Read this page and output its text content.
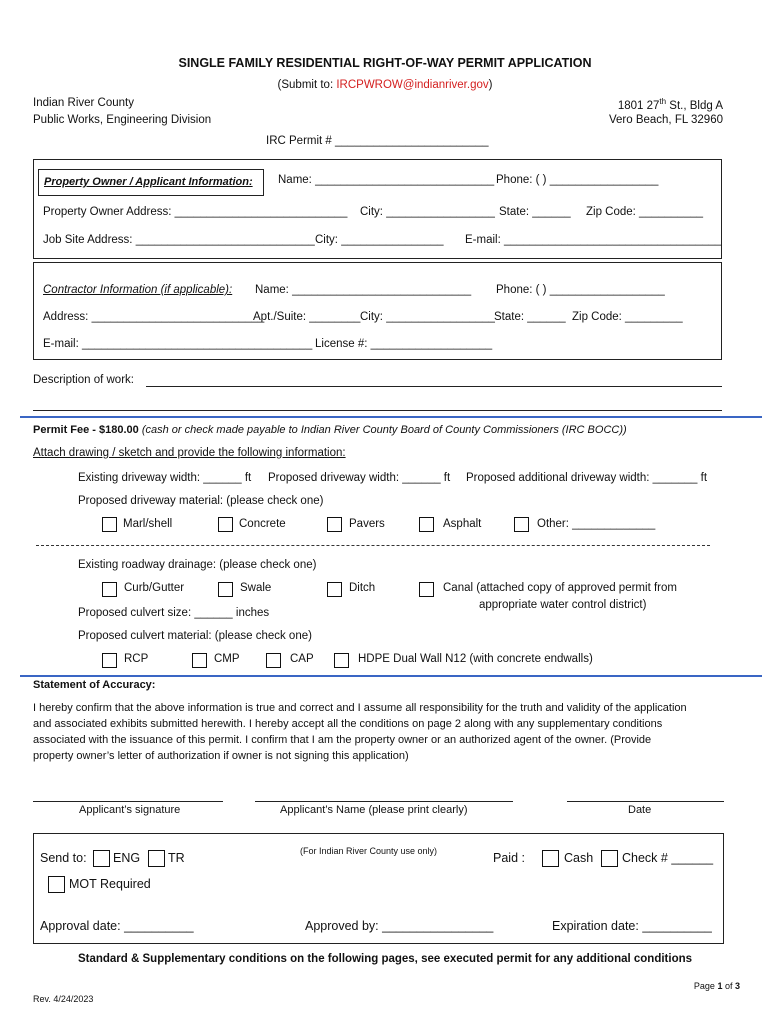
SINGLE FAMILY RESIDENTIAL RIGHT-OF-WAY PERMIT APPLICATION
(Submit to: IRCPWROW@indianriver.gov)
Indian River County
Public Works, Engineering Division
1801 27th St., Bldg A
Vero Beach, FL 32960
IRC Permit # ________________________
Property Owner / Applicant Information: Name: ____________________________ Phone: ( ) _________________
Property Owner Address: ___________________________ City: _________________ State: ______ Zip Code: __________
Job Site Address: ____________________________ City: ________________ E-mail: __________________________________
Contractor Information (if applicable): Name: ____________________________ Phone: ( ) __________________
Address: ___________________________
Apt./Suite: ________ City: _________________ State: ______ Zip Code: _________
E-mail: ____________________________________ License #: ___________________
Description of work:
Permit Fee - $180.00 (cash or check made payable to Indian River County Board of County Commissioners (IRC BOCC))
Attach drawing / sketch and provide the following information:
Existing driveway width: ______ ft Proposed driveway width: ______ ft Proposed additional driveway width: _______ ft
Proposed driveway material: (please check one)
Marl/shell	Concrete	Pavers	Asphalt	Other: _____________
Existing roadway drainage: (please check one)
Curb/Gutter	Swale	Ditch	Canal (attached copy of approved permit from
appropriate water control district)
Proposed culvert size: ______ inches
Proposed culvert material: (please check one)
RCP	CMP	CAP	HDPE Dual Wall N12 (with concrete endwalls)
Statement of Accuracy:
I hereby confirm that the above information is true and correct and I assume all responsibility for the truth and validity of the application
and associated exhibits submitted herewith. I hereby accept all the conditions on page 2 along with any supplementary conditions
associated with the issuance of this permit. I confirm that I am the property owner or an authorized agent of the owner. (Provide
property owner’s letter of authorization if owner is not signing this application)
Applicant’s signature	Applicant’s Name (please print clearly)	Date
Send to: ENG TR	(For Indian River County use only)	Paid :	Cash Check # ______
MOT Required
Approval date: __________	Approved by: ________________	Expiration date: __________
Standard & Supplementary conditions on the following pages, see executed permit for any additional conditions
Page 1 of 3
Rev. 4/24/2023
